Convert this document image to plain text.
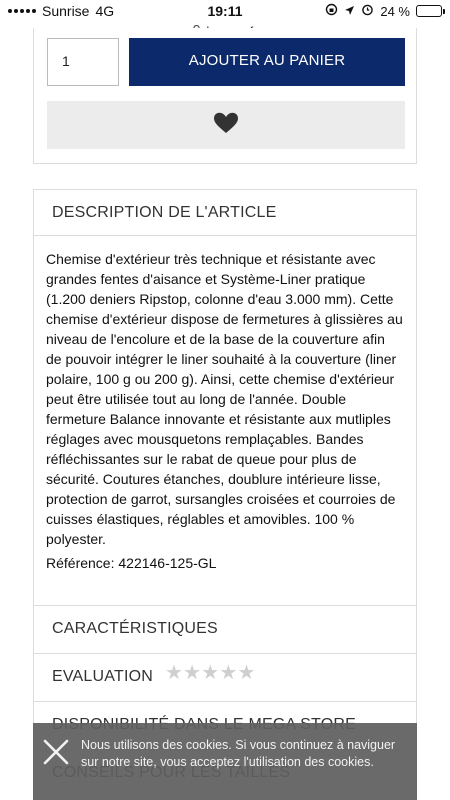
Sunrise 4G	19:11	24 %
1	AJOUTER AU PANIER
DESCRIPTION DE L'ARTICLE

Chemise d'extérieur très technique et résistante avec grandes fentes d'aisance et Système-Liner pratique (1.200 deniers Ripstop, colonne d'eau 3.000 mm). Cette chemise d'extérieur dispose de fermetures à glissières au niveau de l'encolure et de la base de la couverture afin de pouvoir intégrer le liner souhaité à la couverture (liner polaire, 100 g ou 200 g). Ainsi, cette chemise d'extérieur peut être utilisée tout au long de l'année. Double fermeture Balance innovante et résistante aux mutliples réglages avec mousquetons remplaçables. Bandes réfléchissantes sur le rabat de queue pour plus de sécurité. Coutures étanches, doublure intérieure lisse, protection de garrot, sursangles croisées et courroies de cuisses élastiques, réglables et amovibles. 100 % polyester.

Référence: 422146-125-GL

CARACTÉRISTIQUES
EVALUATION ★ ★ ★ ★ ★
Nous utilisons des cookies. Si vous continuez à naviguer sur notre site, vous acceptez l'utilisation des cookies.
